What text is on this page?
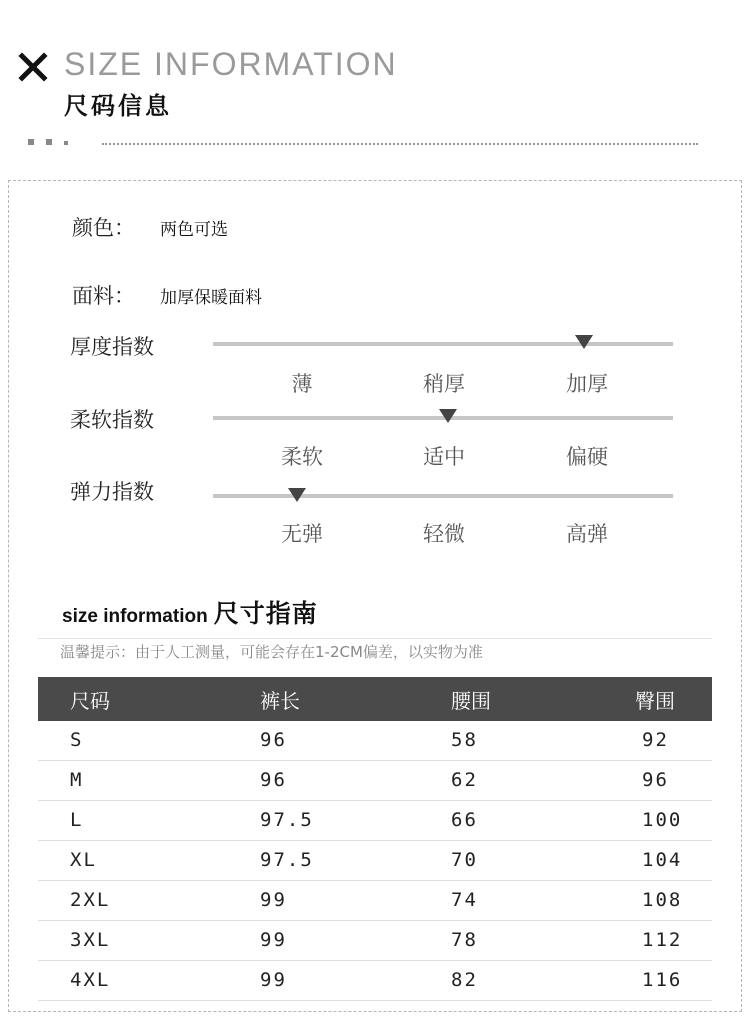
SIZE INFORMATION
尺码信息
颜色： 两色可选
面料： 加厚保暖面料
厚度指数
薄	稍厚	加厚
柔软指数
柔软	适中	偏硬
弹力指数
无弹	轻微	高弹
size information 尺寸指南
温馨提示：由于人工测量，可能会存在1-2CM偏差，以实物为准
尺码	裤长	腰围	臀围
S	96	58	92
M	96	62	96
L	97.5	66	100
XL	97.5	70	104
2XL	99	74	108
3XL	99	78	112
4XL	99	82	116
